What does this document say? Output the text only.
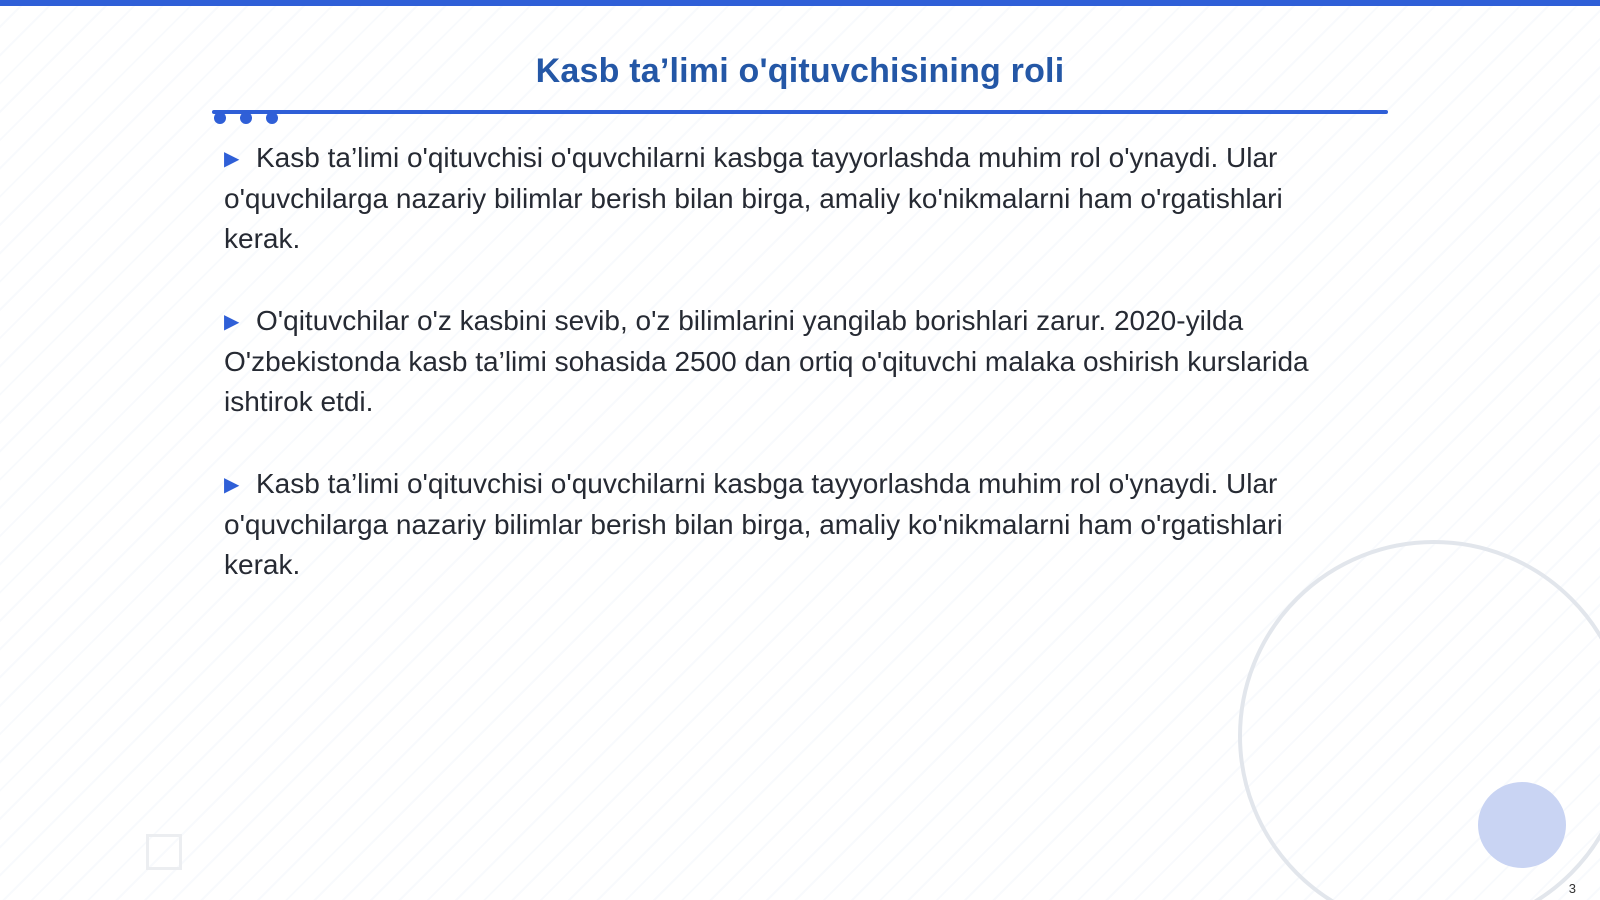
Kasb ta’limi o'qituvchisining roli

▶ Kasb ta’limi o'qituvchisi o'quvchilarni kasbga tayyorlashda muhim rol o'ynaydi. Ular o'quvchilarga nazariy bilimlar berish bilan birga, amaliy ko'nikmalarni ham o'rgatishlari kerak.

▶ O'qituvchilar o'z kasbini sevib, o'z bilimlarini yangilab borishlari zarur. 2020-yilda O'zbekistonda kasb ta’limi sohasida 2500 dan ortiq o'qituvchi malaka oshirish kurslarida ishtirok etdi.

▶ Kasb ta’limi o'qituvchisi o'quvchilarni kasbga tayyorlashda muhim rol o'ynaydi. Ular o'quvchilarga nazariy bilimlar berish bilan birga, amaliy ko'nikmalarni ham o'rgatishlari kerak.

3
